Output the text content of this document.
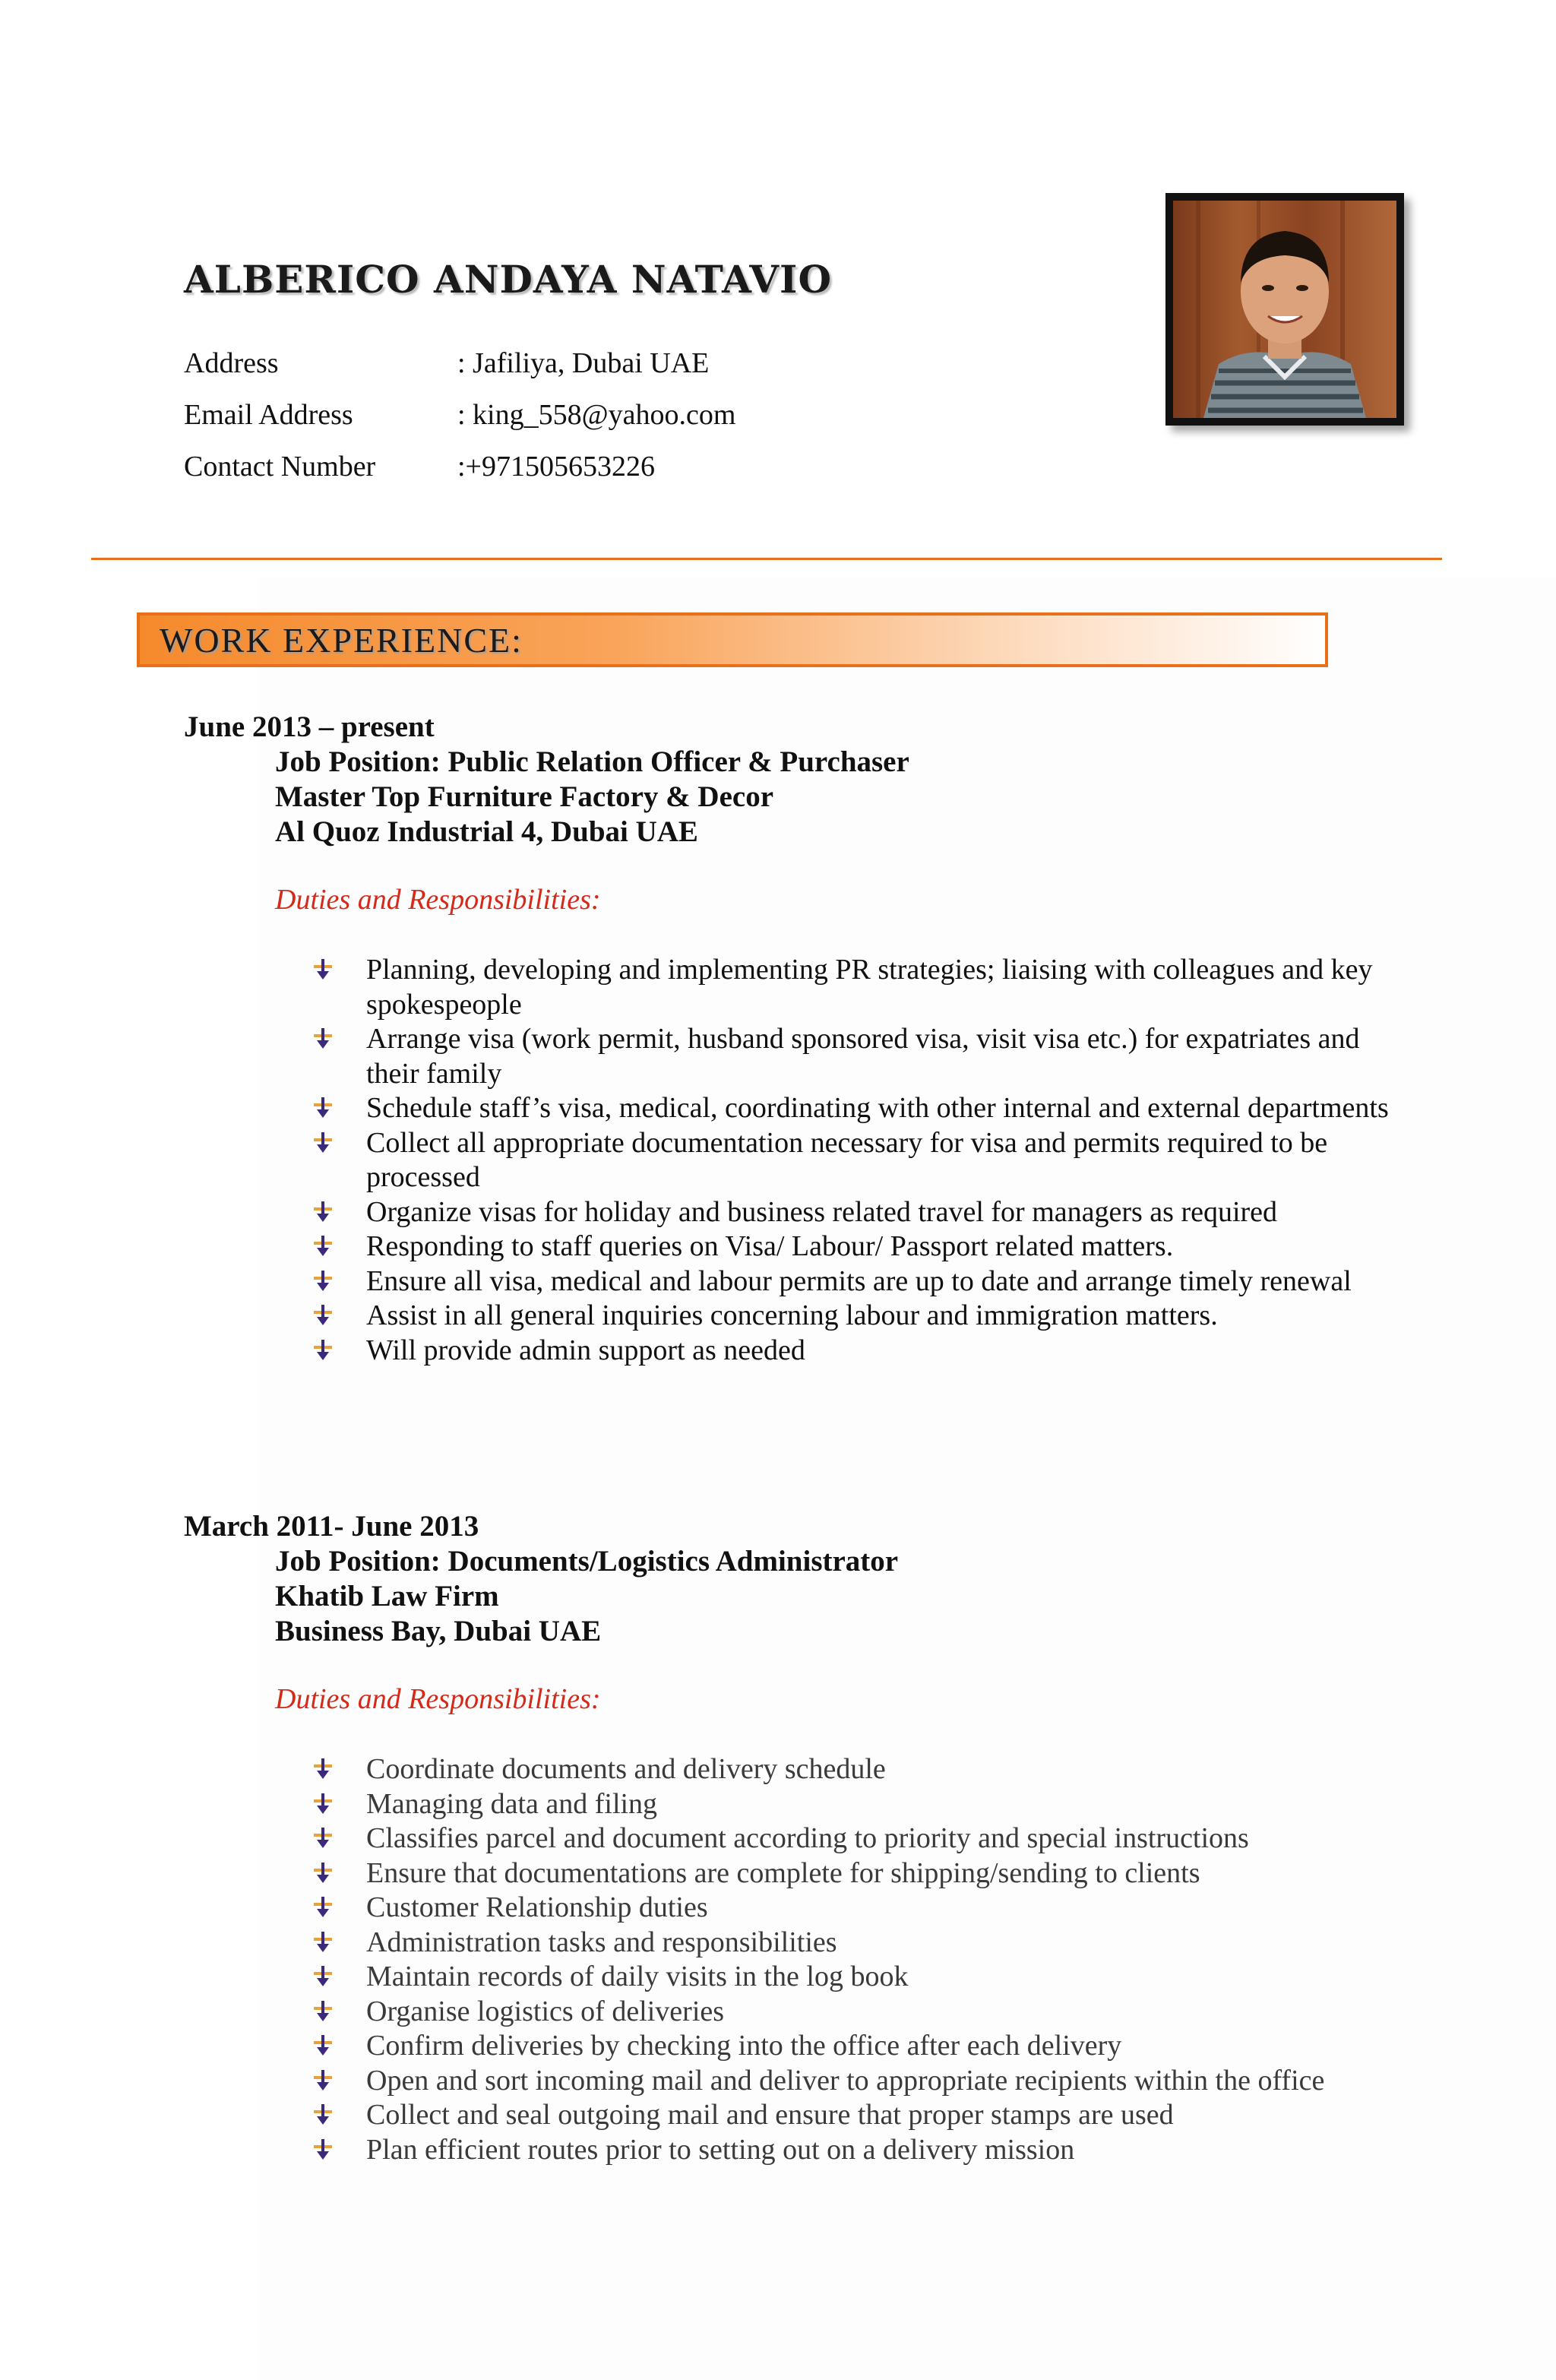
ALBERICO ANDAYA NATAVIO
Address	: Jafiliya, Dubai UAE
Email Address	: king_558@yahoo.com
Contact Number	:+971505653226
WORK EXPERIENCE:
June 2013 – present
Job Position: Public Relation Officer & Purchaser
Master Top Furniture Factory & Decor
Al Quoz Industrial 4, Dubai UAE
Duties and Responsibilities:
Planning, developing and implementing PR strategies; liaising with colleagues and key spokespeople
Arrange visa (work permit, husband sponsored visa, visit visa etc.) for expatriates and their family
Schedule staff’s visa, medical, coordinating with other internal and external departments
Collect all appropriate documentation necessary for visa and permits required to be processed
Organize visas for holiday and business related travel for managers as required
Responding to staff queries on Visa/ Labour/ Passport related matters.
Ensure all visa, medical and labour permits are up to date and arrange timely renewal
Assist in all general inquiries concerning labour and immigration matters.
Will provide admin support as needed
March 2011- June 2013
Job Position: Documents/Logistics Administrator
Khatib Law Firm
Business Bay, Dubai UAE
Duties and Responsibilities:
Coordinate documents and delivery schedule
Managing data and filing
Classifies parcel and document according to priority and special instructions
Ensure that documentations are complete for shipping/sending to clients
Customer Relationship duties
Administration tasks and responsibilities
Maintain records of daily visits in the log book
Organise logistics of deliveries
Confirm deliveries by checking into the office after each delivery
Open and sort incoming mail and deliver to appropriate recipients within the office
Collect and seal outgoing mail and ensure that proper stamps are used
Plan efficient routes prior to setting out on a delivery mission
